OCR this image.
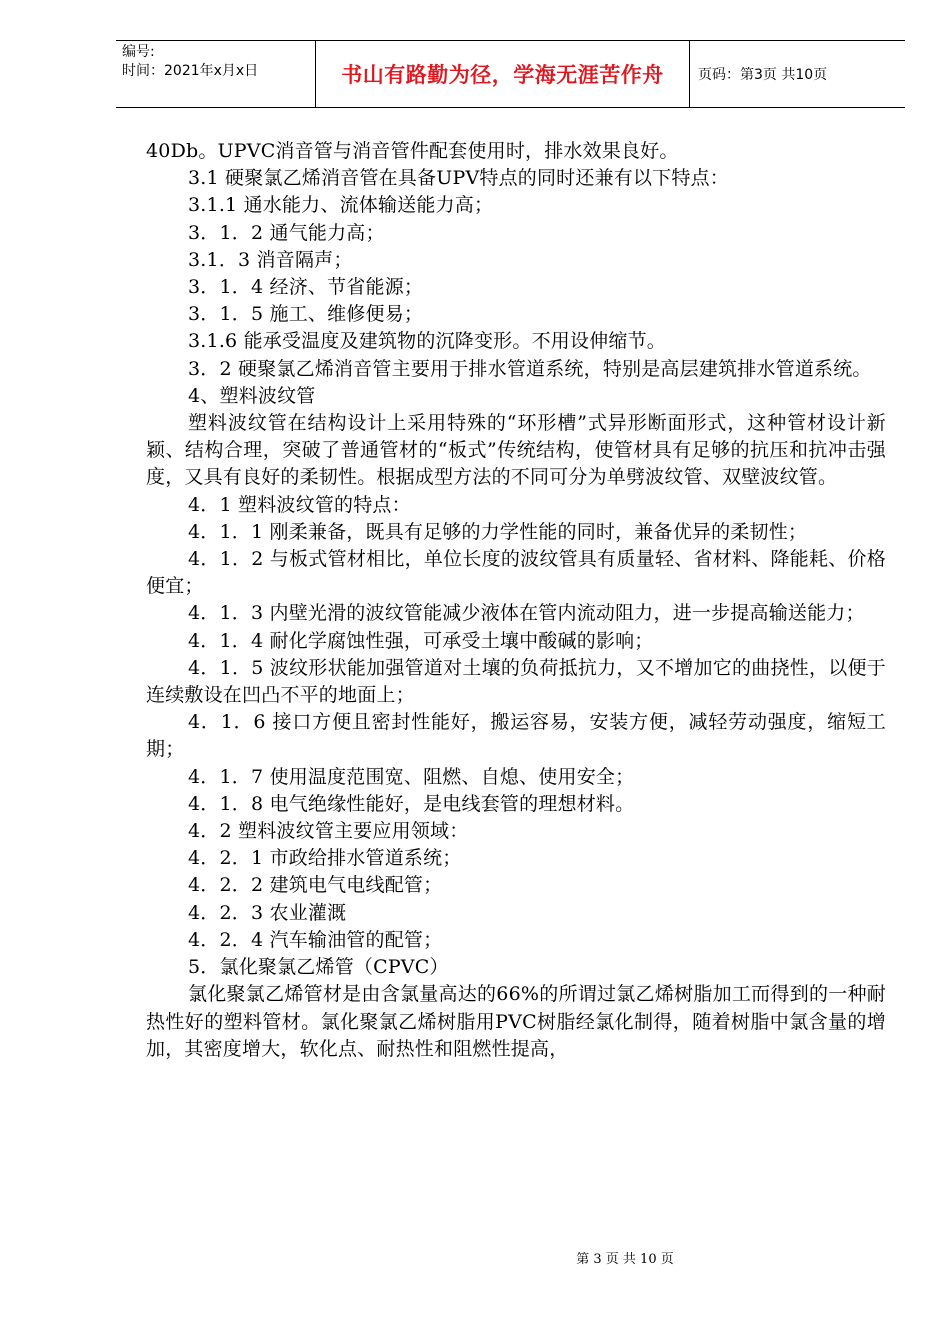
编号:
时间：2021年x月x日	书山有路勤为径，学海无涯苦作舟 页码：第3页 共10页

40Db。UPVC消音管与消音管件配套使用时，排水效果良好。

3.1 硬聚氯乙烯消音管在具备UPV特点的同时还兼有以下特点：

3.1.1 通水能力、流体输送能力高；

3．1．2 通气能力高；

3.1．3 消音隔声；

3．1．4 经济、节省能源；

3．1．5 施工、维修便易；

3.1.6 能承受温度及建筑物的沉降变形。不用设伸缩节。

3．2 硬聚氯乙烯消音管主要用于排水管道系统，特别是高层建筑排水管道系统。

4、塑料波纹管

塑料波纹管在结构设计上采用特殊的“环形槽”式异形断面形式，这种管材设计新颖、结构合理，突破了普通管材的“板式”传统结构，使管材具有足够的抗压和抗冲击强度，又具有良好的柔韧性。根据成型方法的不同可分为单劈波纹管、双壁波纹管。

4．1 塑料波纹管的特点：

4．1．1 刚柔兼备，既具有足够的力学性能的同时，兼备优异的柔韧性；

4．1．2 与板式管材相比，单位长度的波纹管具有质量轻、省材料、降能耗、价格便宜；

4．1．3 内壁光滑的波纹管能减少液体在管内流动阻力，进一步提高输送能力；

4．1．4 耐化学腐蚀性强，可承受土壤中酸碱的影响；

4．1．5 波纹形状能加强管道对土壤的负荷抵抗力，又不增加它的曲挠性，以便于连续敷设在凹凸不平的地面上；

4．1．6 接口方便且密封性能好，搬运容易，安装方便，减轻劳动强度，缩短工期；

4．1．7 使用温度范围宽、阻燃、自熄、使用安全；

4．1．8 电气绝缘性能好，是电线套管的理想材料。

4．2 塑料波纹管主要应用领域：

4．2．1 市政给排水管道系统；

4．2．2 建筑电气电线配管；

4．2．3 农业灌溉

4．2．4 汽车输油管的配管；

5．氯化聚氯乙烯管（CPVC）

氯化聚氯乙烯管材是由含氯量高达的66%的所谓过氯乙烯树脂加工而得到的一种耐热性好的塑料管材。氯化聚氯乙烯树脂用PVC树脂经氯化制得，随着树脂中氯含量的增加，其密度增大，软化点、耐热性和阻燃性提高，

第 3 页 共 10 页
